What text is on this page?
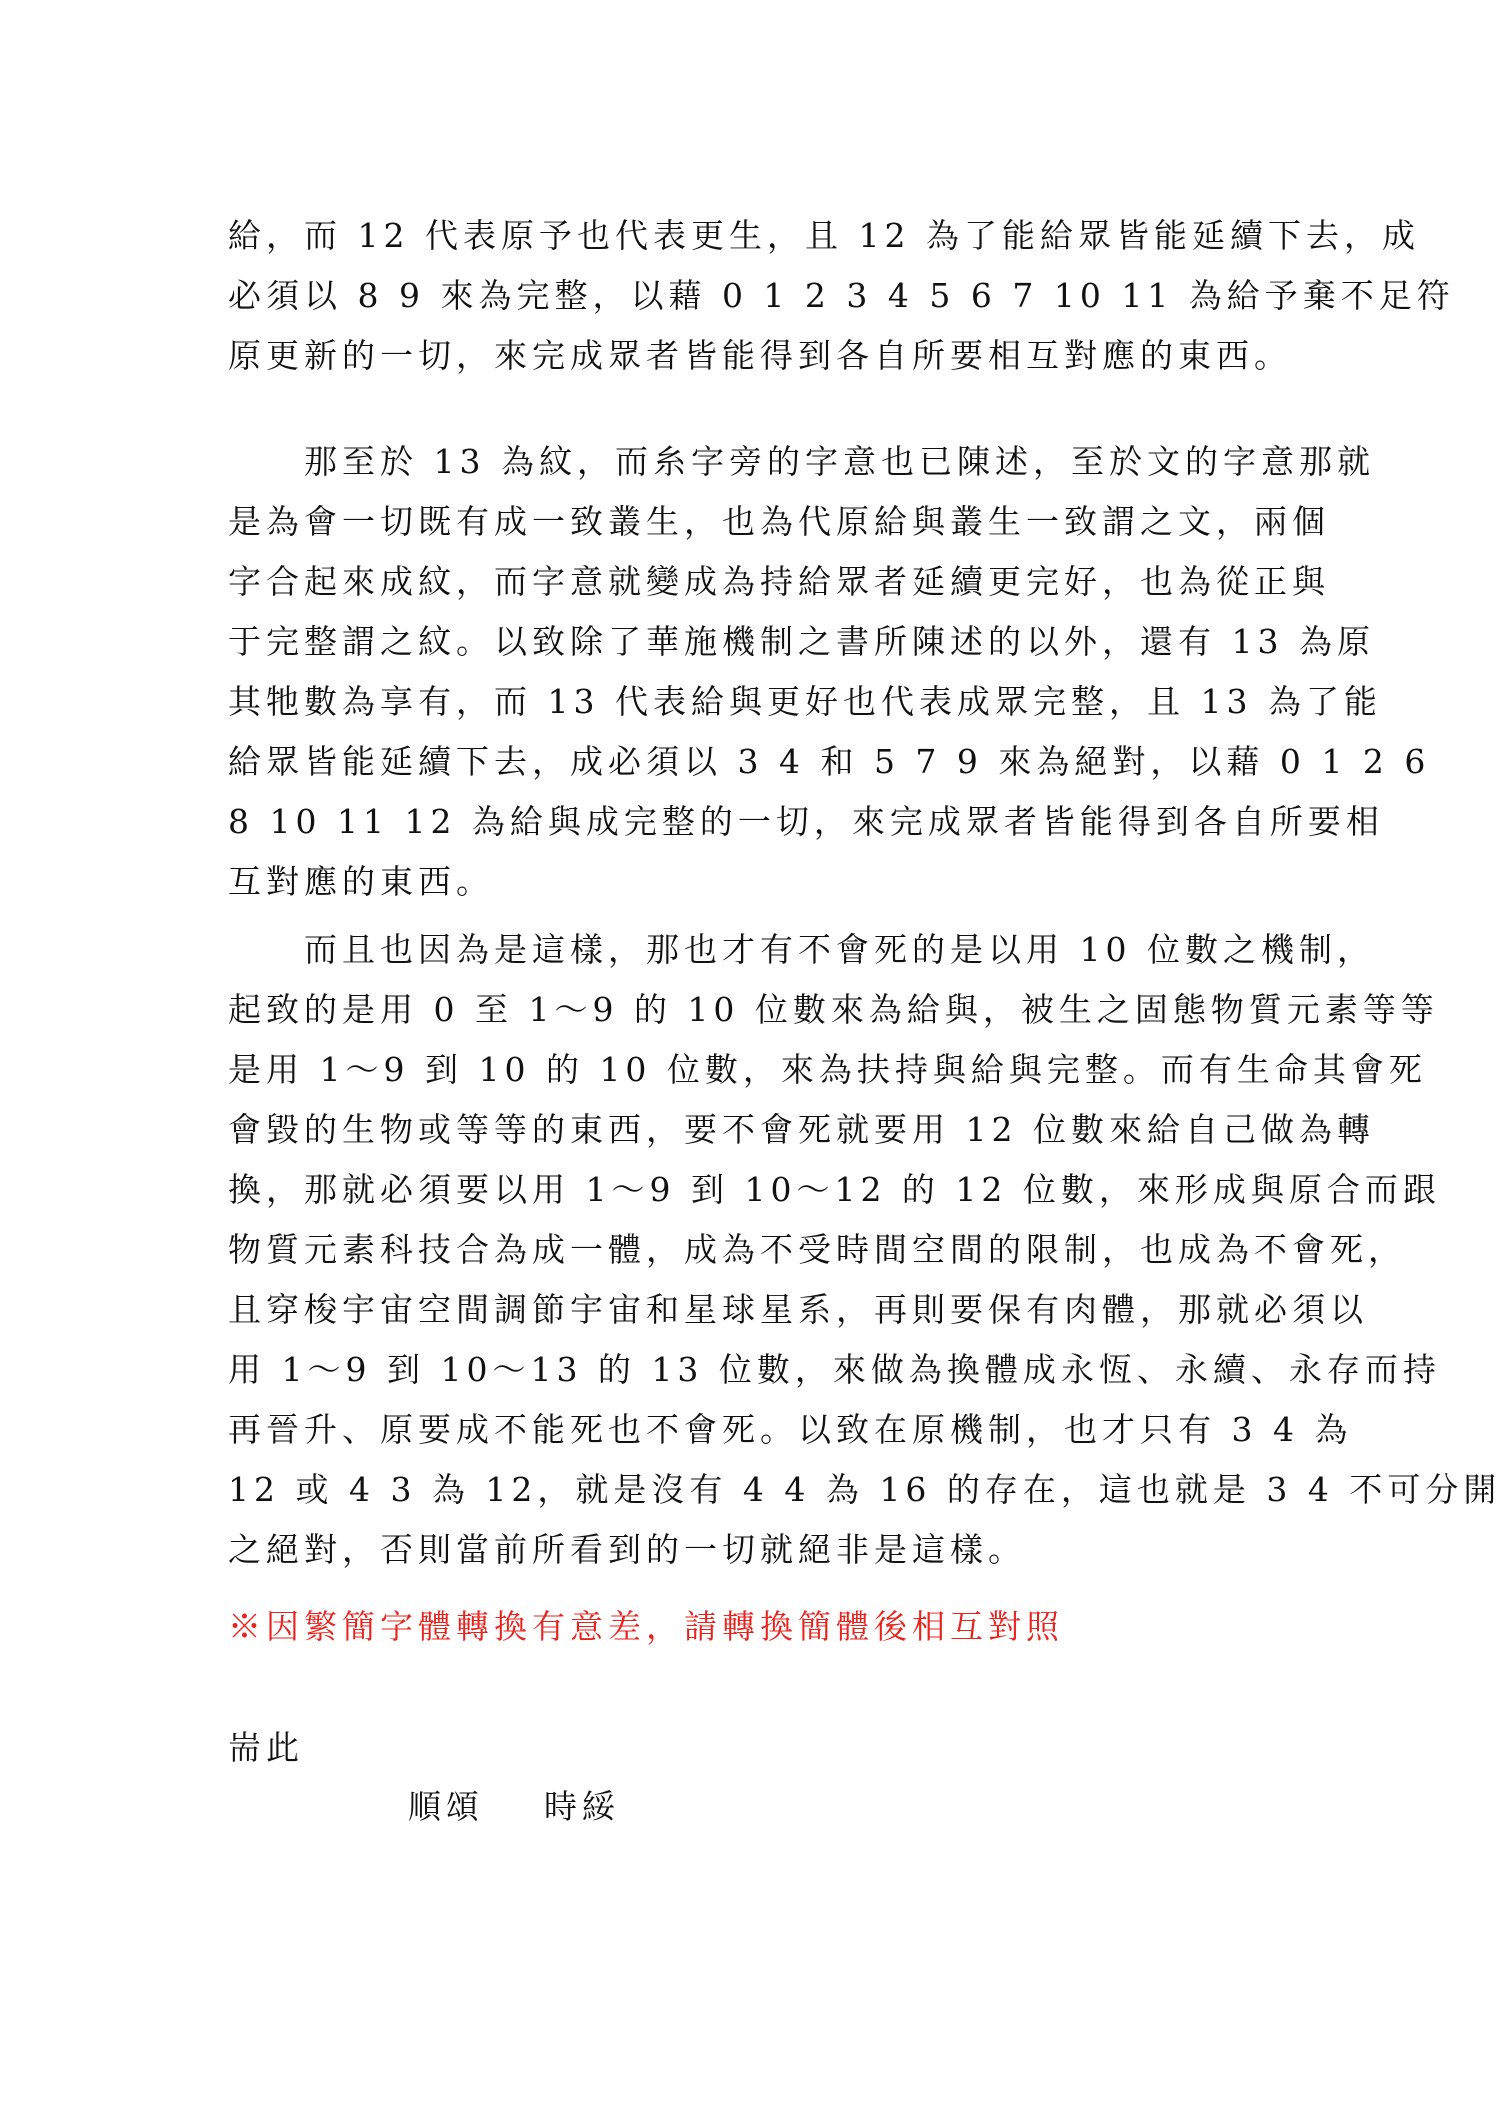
給，而 12 代表原予也代表更生，且 12 為了能給眾皆能延續下去，成
必須以 8 9 來為完整，以藉 0 1 2 3 4 5 6 7 10 11 為給予棄不足符
原更新的一切，來完成眾者皆能得到各自所要相互對應的東西。
　　那至於 13 為紋，而糸字旁的字意也已陳述，至於文的字意那就
是為會一切既有成一致叢生，也為代原給與叢生一致謂之文，兩個
字合起來成紋，而字意就變成為持給眾者延續更完好，也為從正與
于完整謂之紋。以致除了華施機制之書所陳述的以外，還有 13 為原
其牠數為享有，而 13 代表給與更好也代表成眾完整，且 13 為了能
給眾皆能延續下去，成必須以 3 4 和 5 7 9 來為絕對，以藉 0 1 2 6
8 10 11 12 為給與成完整的一切，來完成眾者皆能得到各自所要相
互對應的東西。
　　而且也因為是這樣，那也才有不會死的是以用 10 位數之機制，
起致的是用 0 至 1～9 的 10 位數來為給與，被生之固態物質元素等等
是用 1～9 到 10 的 10 位數，來為扶持與給與完整。而有生命其會死
會毀的生物或等等的東西，要不會死就要用 12 位數來給自己做為轉
換，那就必須要以用 1～9 到 10～12 的 12 位數，來形成與原合而跟
物質元素科技合為成一體，成為不受時間空間的限制，也成為不會死，
且穿梭宇宙空間調節宇宙和星球星系，再則要保有肉體，那就必須以
用 1～9 到 10～13 的 13 位數，來做為換體成永恆、永續、永存而持
再晉升、原要成不能死也不會死。以致在原機制，也才只有 3 4 為
12 或 4 3 為 12，就是沒有 4 4 為 16 的存在，這也就是 3 4 不可分開
之絕對，否則當前所看到的一切就絕非是這樣。
※因繁簡字體轉換有意差，請轉換簡體後相互對照
耑此
順頌 時綏
